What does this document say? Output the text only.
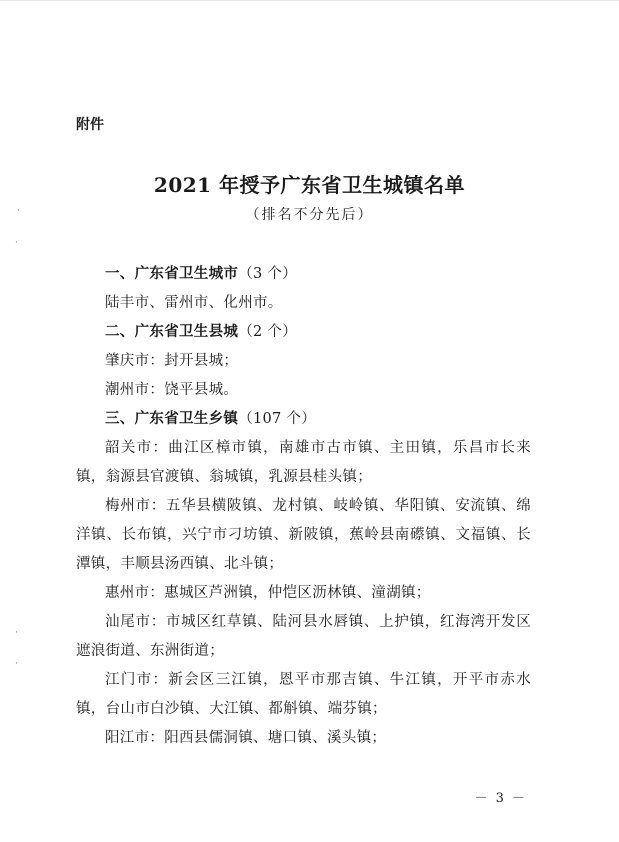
·
·
·
·
附件
2021 年授予广东省卫生城镇名单
（排名不分先后）

一、广东省卫生城市（3 个）

陆丰市、雷州市、化州市。

二、广东省卫生县城（2 个）

肇庆市：封开县城；

潮州市：饶平县城。

三、广东省卫生乡镇（107 个）

韶关市：曲江区樟市镇，南雄市古市镇、主田镇，乐昌市长来镇，翁源县官渡镇、翁城镇，乳源县桂头镇；

梅州市：五华县横陂镇、龙村镇、岐岭镇、华阳镇、安流镇、绵洋镇、长布镇，兴宁市刁坊镇、新陂镇，蕉岭县南礤镇、文福镇、长潭镇，丰顺县汤西镇、北斗镇；

惠州市：惠城区芦洲镇，仲恺区沥林镇、潼湖镇；

汕尾市：市城区红草镇、陆河县水唇镇、上护镇，红海湾开发区遮浪街道、东洲街道；

江门市：新会区三江镇，恩平市那吉镇、牛江镇，开平市赤水镇，台山市白沙镇、大江镇、都斛镇、端芬镇；

阳江市：阳西县儒洞镇、塘口镇、溪头镇；

－ 3 －
